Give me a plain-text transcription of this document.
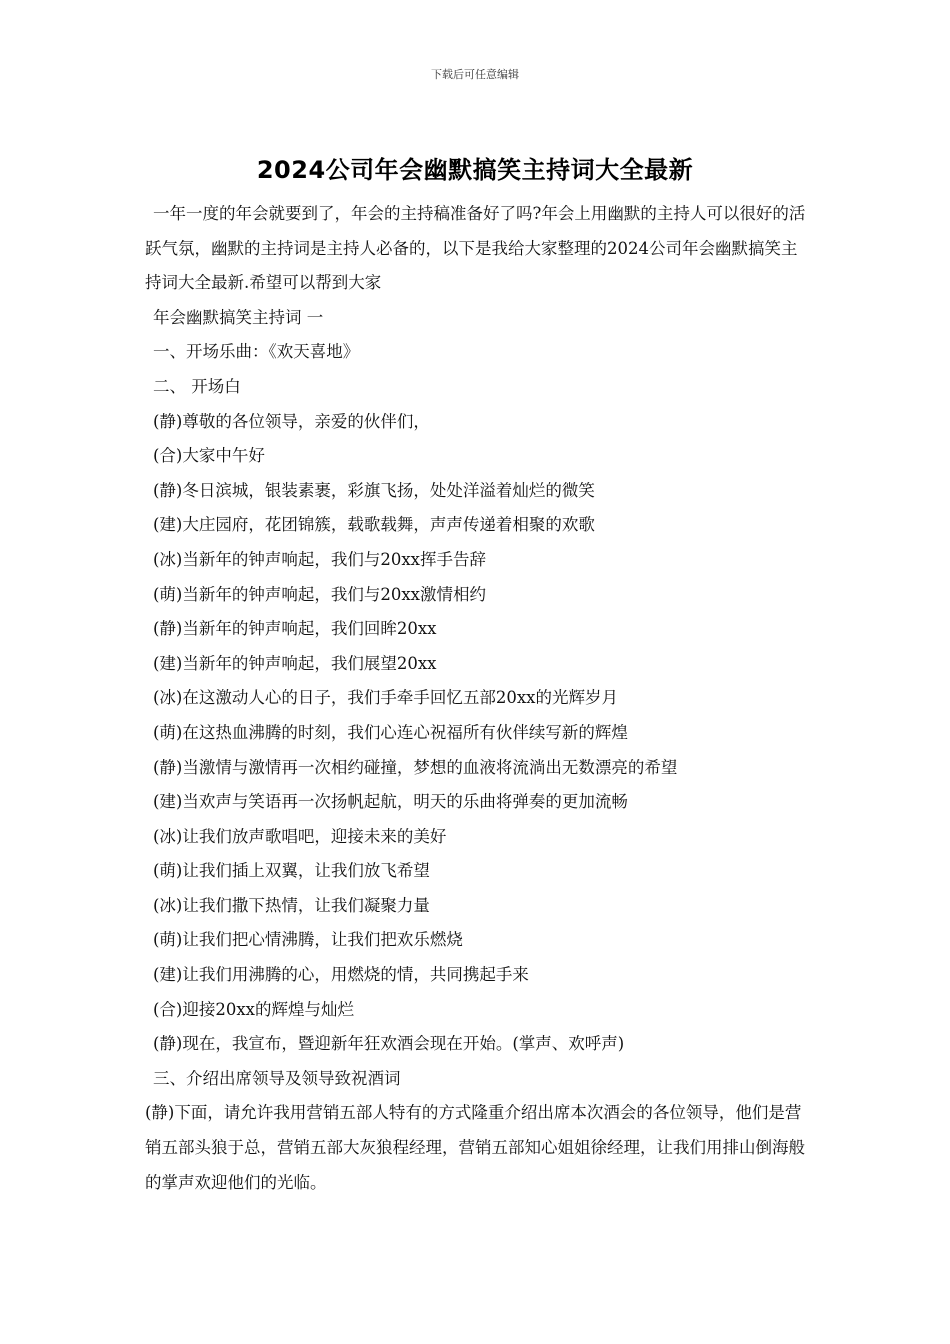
下载后可任意编辑
2024公司年会幽默搞笑主持词大全最新

一年一度的年会就要到了，年会的主持稿准备好了吗?年会上用幽默的主持人可以很好的活跃气氛，幽默的主持词是主持人必备的，以下是我给大家整理的2024公司年会幽默搞笑主持词大全最新.希望可以帮到大家

年会幽默搞笑主持词 一
一、开场乐曲：《欢天喜地》
二、 开场白
(静)尊敬的各位领导，亲爱的伙伴们，
(合)大家中午好
(静)冬日滨城，银装素裹，彩旗飞扬，处处洋溢着灿烂的微笑
(建)大庄园府，花团锦簇，载歌载舞，声声传递着相聚的欢歌
(冰)当新年的钟声响起，我们与20xx挥手告辞
(萌)当新年的钟声响起，我们与20xx激情相约
(静)当新年的钟声响起，我们回眸20xx
(建)当新年的钟声响起，我们展望20xx
(冰)在这激动人心的日子，我们手牵手回忆五部20xx的光辉岁月
(萌)在这热血沸腾的时刻，我们心连心祝福所有伙伴续写新的辉煌
(静)当激情与激情再一次相约碰撞，梦想的血液将流淌出无数漂亮的希望
(建)当欢声与笑语再一次扬帆起航，明天的乐曲将弹奏的更加流畅
(冰)让我们放声歌唱吧，迎接未来的美好
(萌)让我们插上双翼，让我们放飞希望
(冰)让我们撒下热情，让我们凝聚力量
(萌)让我们把心情沸腾，让我们把欢乐燃烧
(建)让我们用沸腾的心，用燃烧的情，共同携起手来
(合)迎接20xx的辉煌与灿烂
(静)现在，我宣布，暨迎新年狂欢酒会现在开始。(掌声、欢呼声)
三、介绍出席领导及领导致祝酒词

(静)下面，请允许我用营销五部人特有的方式隆重介绍出席本次酒会的各位领导，他们是营销五部头狼于总，营销五部大灰狼程经理，营销五部知心姐姐徐经理，让我们用排山倒海般的掌声欢迎他们的光临。
